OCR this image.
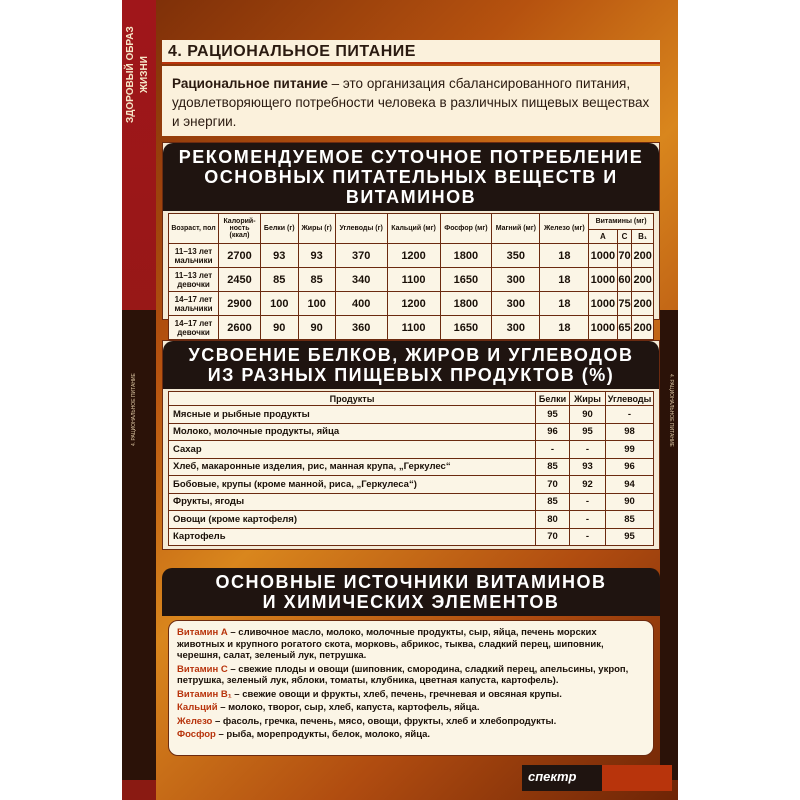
ЗДОРОВЫЙ ОБРАЗ ЖИЗНИ
4. РАЦИОНАЛЬНОЕ ПИТАНИЕ	4. РАЦИОНАЛЬНОЕ ПИТАНИЕ
4. РАЦИОНАЛЬНОЕ ПИТАНИЕ

Рациональное питание – это организация сбалансированного питания, удовлетворяющего потребности человека в различных пищевых веществах и энергии.

РЕКОМЕНДУЕМОЕ СУТОЧНОЕ ПОТРЕБЛЕНИЕ
ОСНОВНЫХ ПИТАТЕЛЬНЫХ ВЕЩЕСТВ И ВИТАМИНОВ
Возраст, пол	Калорий-ность (ккал)	Белки (г)	Жиры (г)	Углеводы (г)	Кальций (мг)	Фосфор (мг)	Магний (мг)	Железо (мг)	Витамины (мг)		
									A	C	B₁
11–13 лет мальчики	2700	93	93	370	1200	1800	350	18	1000	70	200
11–13 лет девочки	2450	85	85	340	1100	1650	300	18	1000	60	200
14–17 лет мальчики	2900	100	100	400	1200	1800	300	18	1000	75	200
14–17 лет девочки	2600	90	90	360	1100	1650	300	18	1000	65	200
УСВОЕНИЕ БЕЛКОВ, ЖИРОВ И УГЛЕВОДОВ
ИЗ РАЗНЫХ ПИЩЕВЫХ ПРОДУКТОВ (%)
Продукты	Белки	Жиры	Углеводы
Мясные и рыбные продукты	95	90	-
Молоко, молочные продукты, яйца	96	95	98
Сахар	-	-	99
Хлеб, макаронные изделия, рис, манная крупа, „Геркулес“	85	93	96
Бобовые, крупы (кроме манной, риса, „Геркулеса“)	70	92	94
Фрукты, ягоды	85	-	90
Овощи (кроме картофеля)	80	-	85
Картофель	70	-	95
ОСНОВНЫЕ ИСТОЧНИКИ ВИТАМИНОВ
И ХИМИЧЕСКИХ ЭЛЕМЕНТОВ

Витамин А – сливочное масло, молоко, молочные продукты, сыр, яйца, печень морских животных и крупного рогатого скота, морковь, абрикос, тыква, сладкий перец, шиповник, черешня, салат, зеленый лук, петрушка.

Витамин С – свежие плоды и овощи (шиповник, смородина, сладкий перец, апельсины, укроп, петрушка, зеленый лук, яблоки, томаты, клубника, цветная капуста, картофель).

Витамин В₁ – свежие овощи и фрукты, хлеб, печень, гречневая и овсяная крупы.

Кальций – молоко, творог, сыр, хлеб, капуста, картофель, яйца.

Железо – фасоль, гречка, печень, мясо, овощи, фрукты, хлеб и хлебопродукты.

Фосфор – рыба, морепродукты, белок, молоко, яйца.

спектр
